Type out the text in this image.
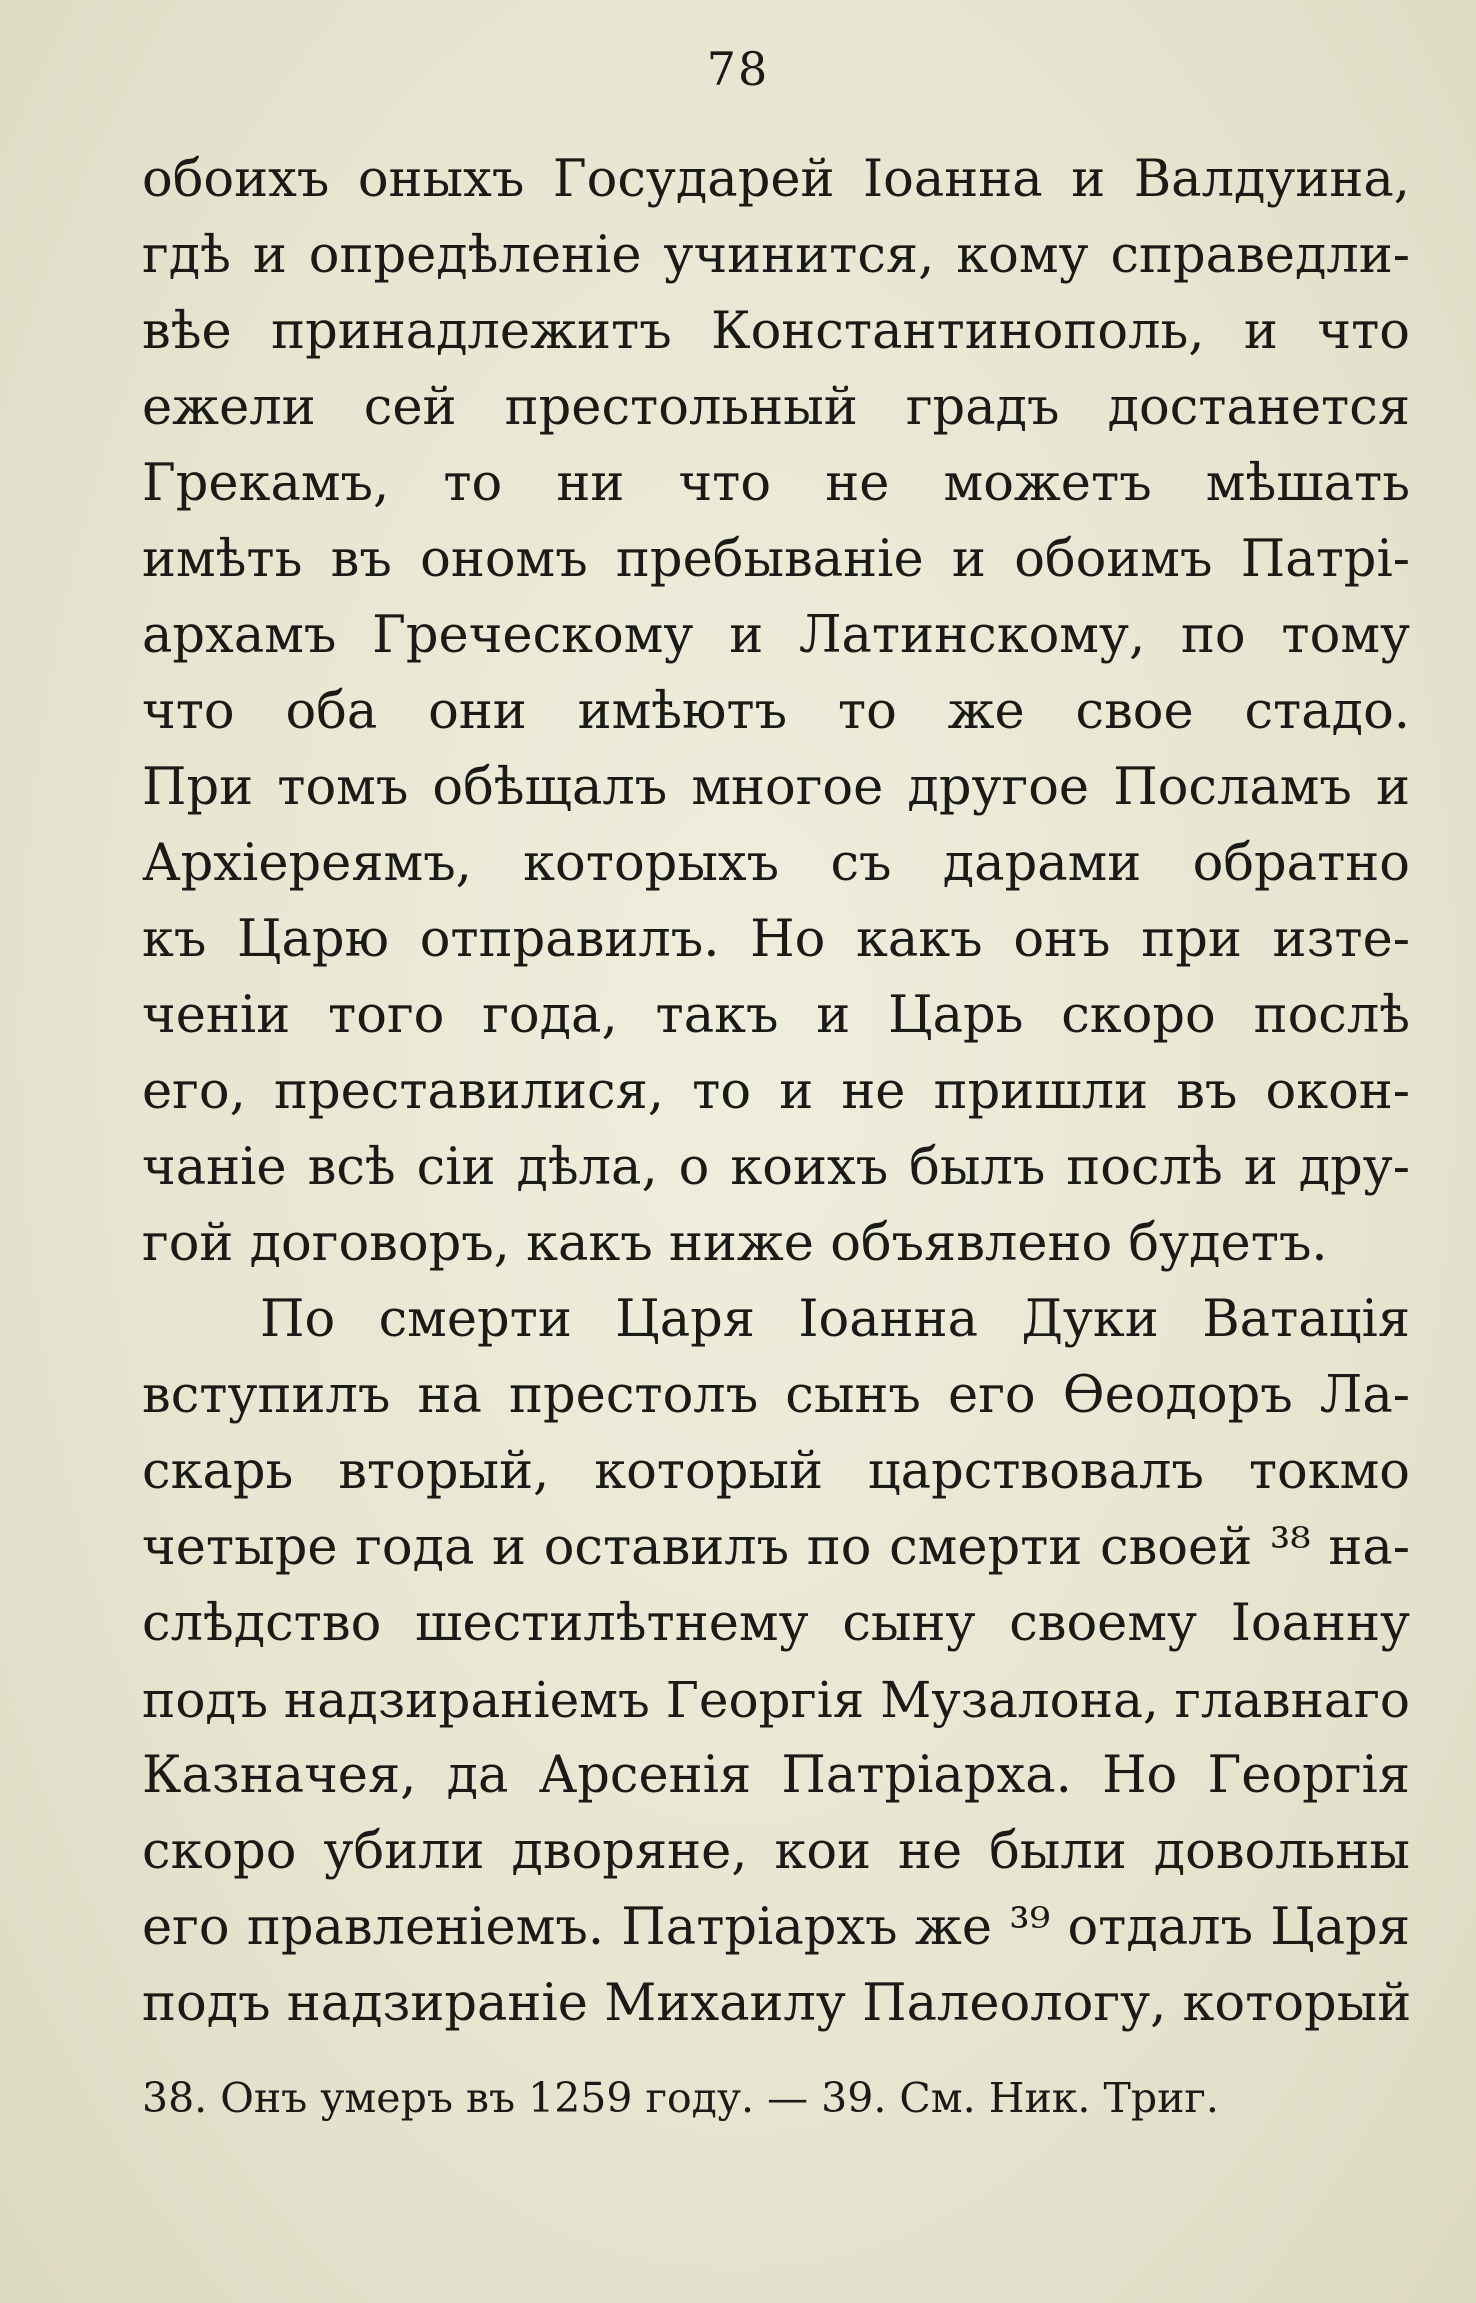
78
обоихъ оныхъ Государей Іоанна и Валдуина,
гдѣ и опредѣленіе учинится, кому справедли-
вѣе принадлежитъ Константинополь, и что
ежели сей престольный градъ достанется
Грекамъ, то ни что не можетъ мѣшать
имѣть въ ономъ пребываніе и обоимъ Патрі-
архамъ Греческому и Латинскому, по тому
что оба они имѣютъ то же свое стадо.
При томъ обѣщалъ многое другое Посламъ и
Архіереямъ, которыхъ съ дарами обратно
къ Царю отправилъ. Но какъ онъ при изте-
ченіи того года, такъ и Царь скоро послѣ
его, преставилися, то и не пришли въ окон-
чаніе всѣ сіи дѣла, о коихъ былъ послѣ и дру-
гой договоръ, какъ ниже объявлено будетъ.
По смерти Царя Іоанна Дуки Ватація
вступилъ на престолъ сынъ его Ѳеодоръ Ла-
скарь вторый, который царствовалъ токмо
четыре года и оставилъ по смерти своей ³⁸ на-
слѣдство шестилѣтнему сыну своему Іоанну
подъ надзираніемъ Георгія Музалона, главнаго
Казначея, да Арсенія Патріарха. Но Георгія
скоро убили дворяне, кои не были довольны
его правленіемъ. Патріархъ же ³⁹ отдалъ Царя
подъ надзираніе Михаилу Палеологу, который
38. Онъ умеръ въ 1259 году. — 39. См. Ник. Триг.
